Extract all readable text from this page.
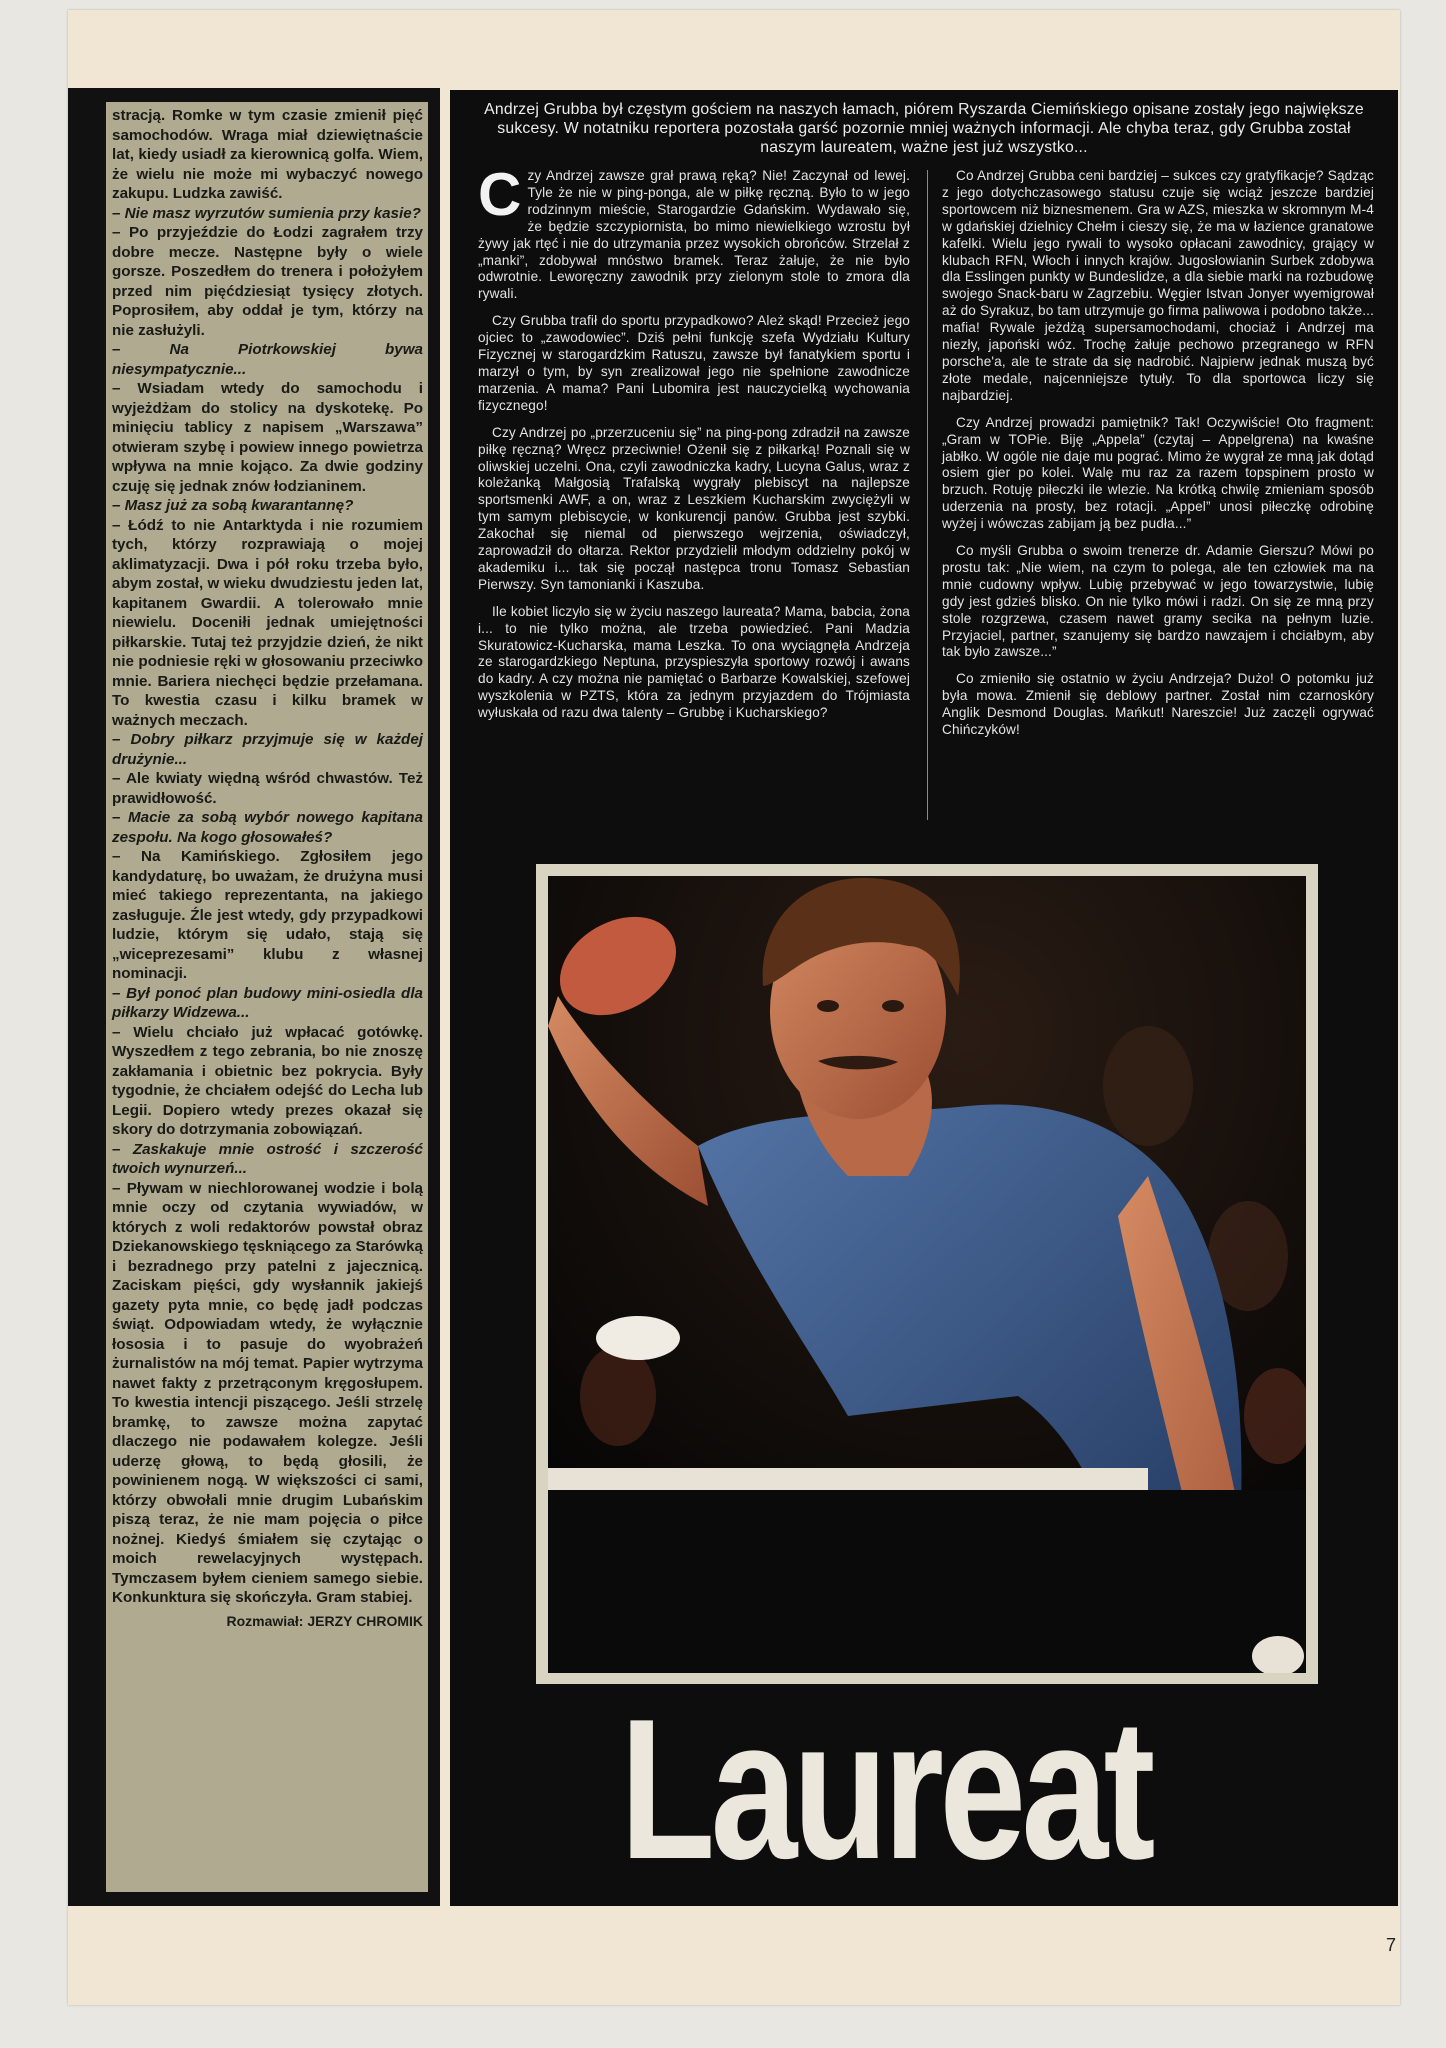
stracją. Romke w tym czasie zmienił pięć samochodów. Wraga miał dziewiętnaście lat, kiedy usiadł za kierownicą golfa. Wiem, że wielu nie może mi wybaczyć nowego zakupu. Ludzka zawiść.

– Nie masz wyrzutów sumienia przy kasie?

– Po przyjeździe do Łodzi zagrałem trzy dobre mecze. Następne były o wiele gorsze. Poszedłem do trenera i położyłem przed nim pięćdziesiąt tysięcy złotych. Poprosiłem, aby oddał je tym, którzy na nie zasłużyli.

– Na Piotrkowskiej bywa niesympatycznie...

– Wsiadam wtedy do samochodu i wyjeżdżam do stolicy na dyskotekę. Po minięciu tablicy z napisem „Warszawa” otwieram szybę i powiew innego powietrza wpływa na mnie kojąco. Za dwie godziny czuję się jednak znów łodzianinem.

– Masz już za sobą kwarantannę?

– Łódź to nie Antarktyda i nie rozumiem tych, którzy rozprawiają o mojej aklimatyzacji. Dwa i pół roku trzeba było, abym został, w wieku dwudziestu jeden lat, kapitanem Gwardii. A tolerowało mnie niewielu. Doceniłi jednak umiejętności piłkarskie. Tutaj też przyjdzie dzień, że nikt nie podniesie ręki w głosowaniu przeciwko mnie. Bariera niechęci będzie przełamana. To kwestia czasu i kilku bramek w ważnych meczach.

– Dobry piłkarz przyjmuje się w każdej drużynie...

– Ale kwiaty więdną wśród chwastów. Też prawidłowość.

– Macie za sobą wybór nowego kapitana zespołu. Na kogo głosowałeś?

– Na Kamińskiego. Zgłosiłem jego kandydaturę, bo uważam, że drużyna musi mieć takiego reprezentanta, na jakiego zasługuje. Źle jest wtedy, gdy przypadkowi ludzie, którym się udało, stają się „wiceprezesami” klubu z własnej nominacji.

– Był ponoć plan budowy mini-osiedla dla piłkarzy Widzewa...

– Wielu chciało już wpłacać gotówkę. Wyszedłem z tego zebrania, bo nie znoszę zakłamania i obietnic bez pokrycia. Były tygodnie, że chciałem odejść do Lecha lub Legii. Dopiero wtedy prezes okazał się skory do dotrzymania zobowiązań.

– Zaskakuje mnie ostrość i szczerość twoich wynurzeń...

– Pływam w niechlorowanej wodzie i bolą mnie oczy od czytania wywiadów, w których z woli redaktorów powstał obraz Dziekanowskiego tęskniącego za Starówką i bezradnego przy patelni z jajecznicą. Zaciskam pięści, gdy wysłannik jakiejś gazety pyta mnie, co będę jadł podczas świąt. Odpowiadam wtedy, że wyłącznie łososia i to pasuje do wyobrażeń żurnalistów na mój temat. Papier wytrzyma nawet fakty z przetrąconym kręgosłupem. To kwestia intencji piszącego. Jeśli strzelę bramkę, to zawsze można zapytać dlaczego nie podawałem kolegze. Jeśli uderzę głową, to będą głosili, że powinienem nogą. W większości ci sami, którzy obwołali mnie drugim Lubańskim piszą teraz, że nie mam pojęcia o piłce nożnej. Kiedyś śmiałem się czytając o moich rewelacyjnych występach. Tymczasem byłem cieniem samego siebie. Konkunktura się skończyła. Gram stabiej.

Rozmawiał: JERZY CHROMIK

Andrzej Grubba był częstym gościem na naszych łamach, piórem Ryszarda Ciemińskiego opisane zostały jego największe sukcesy. W notatniku reportera pozostała garść pozornie mniej ważnych informacji. Ale chyba teraz, gdy Grubba został naszym laureatem, ważne jest już wszystko...

Czy Andrzej zawsze grał prawą ręką? Nie! Zaczynał od lewej. Tyle że nie w ping-ponga, ale w piłkę ręczną. Było to w jego rodzinnym mieście, Starogardzie Gdańskim. Wydawało się, że będzie szczypiornista, bo mimo niewielkiego wzrostu był żywy jak rtęć i nie do utrzymania przez wysokich obrońców. Strzelał z „manki”, zdobywał mnóstwo bramek. Teraz żałuje, że nie było odwrotnie. Leworęczny zawodnik przy zielonym stole to zmora dla rywali.

Czy Grubba trafił do sportu przypadkowo? Ależ skąd! Przecież jego ojciec to „zawodowiec”. Dziś pełni funkcję szefa Wydziału Kultury Fizycznej w starogardzkim Ratuszu, zawsze był fanatykiem sportu i marzył o tym, by syn zrealizował jego nie spełnione zawodnicze marzenia. A mama? Pani Lubomira jest nauczycielką wychowania fizycznego!

Czy Andrzej po „przerzuceniu się” na ping-pong zdradził na zawsze piłkę ręczną? Wręcz przeciwnie! Ożenił się z piłkarką! Poznali się w oliwskiej uczelni. Ona, czyli zawodniczka kadry, Lucyna Galus, wraz z koleżanką Małgosią Trafalską wygrały plebiscyt na najlepsze sportsmenki AWF, a on, wraz z Leszkiem Kucharskim zwyciężyli w tym samym plebiscycie, w konkurencji panów. Grubba jest szybki. Zakochał się niemal od pierwszego wejrzenia, oświadczył, zaprowadził do ołtarza. Rektor przydzielił młodym oddzielny pokój w akademiku i... tak się począł następca tronu Tomasz Sebastian Pierwszy. Syn tamonianki i Kaszuba.

Ile kobiet liczyło się w życiu naszego laureata? Mama, babcia, żona i... to nie tylko można, ale trzeba powiedzieć. Pani Madzia Skuratowicz-Kucharska, mama Leszka. To ona wyciągnęła Andrzeja ze starogardzkiego Neptuna, przyspieszyła sportowy rozwój i awans do kadry. A czy można nie pamiętać o Barbarze Kowalskiej, szefowej wyszkolenia w PZTS, która za jednym przyjazdem do Trójmiasta wyłuskała od razu dwa talenty – Grubbę i Kucharskiego?

Co Andrzej Grubba ceni bardziej – sukces czy gratyfikacje? Sądząc z jego dotychczasowego statusu czuje się wciąż jeszcze bardziej sportowcem niż biznesmenem. Gra w AZS, mieszka w skromnym M-4 w gdańskiej dzielnicy Chełm i cieszy się, że ma w łazience granatowe kafelki. Wielu jego rywali to wysoko opłacani zawodnicy, grający w klubach RFN, Włoch i innych krajów. Jugosłowianin Surbek zdobywa dla Esslingen punkty w Bundeslidze, a dla siebie marki na rozbudowę swojego Snack-baru w Zagrzebiu. Węgier Istvan Jonyer wyemigrował aż do Syrakuz, bo tam utrzymuje go firma paliwowa i podobno także... mafia! Rywale jeżdżą supersamochodami, chociaż i Andrzej ma niezły, japoński wóz. Trochę żałuje pechowo przegranego w RFN porsche'a, ale te strate da się nadrobić. Najpierw jednak muszą być złote medale, najcenniejsze tytuły. To dla sportowca liczy się najbardziej.

Czy Andrzej prowadzi pamiętnik? Tak! Oczywiście! Oto fragment: „Gram w TOPie. Biję „Appela” (czytaj – Appelgrena) na kwaśne jabłko. W ogóle nie daje mu pograć. Mimo że wygrał ze mną jak dotąd osiem gier po kolei. Walę mu raz za razem topspinem prosto w brzuch. Rotuję piłeczki ile wlezie. Na krótką chwilę zmieniam sposób uderzenia na prosty, bez rotacji. „Appel” unosi piłeczkę odrobinę wyżej i wówczas zabijam ją bez pudła...”

Co myśli Grubba o swoim trenerze dr. Adamie Gierszu? Mówi po prostu tak: „Nie wiem, na czym to polega, ale ten człowiek ma na mnie cudowny wpływ. Lubię przebywać w jego towarzystwie, lubię gdy jest gdzieś blisko. On nie tylko mówi i radzi. On się ze mną przy stole rozgrzewa, czasem nawet gramy secika na pełnym luzie. Przyjaciel, partner, szanujemy się bardzo nawzajem i chciałbym, aby tak było zawsze...”

Co zmieniło się ostatnio w życiu Andrzeja? Dużo! O potomku już była mowa. Zmienił się deblowy partner. Został nim czarnoskóry Anglik Desmond Douglas. Mańkut! Nareszcie! Już zaczęli ogrywać Chińczyków!

Laureat
7
